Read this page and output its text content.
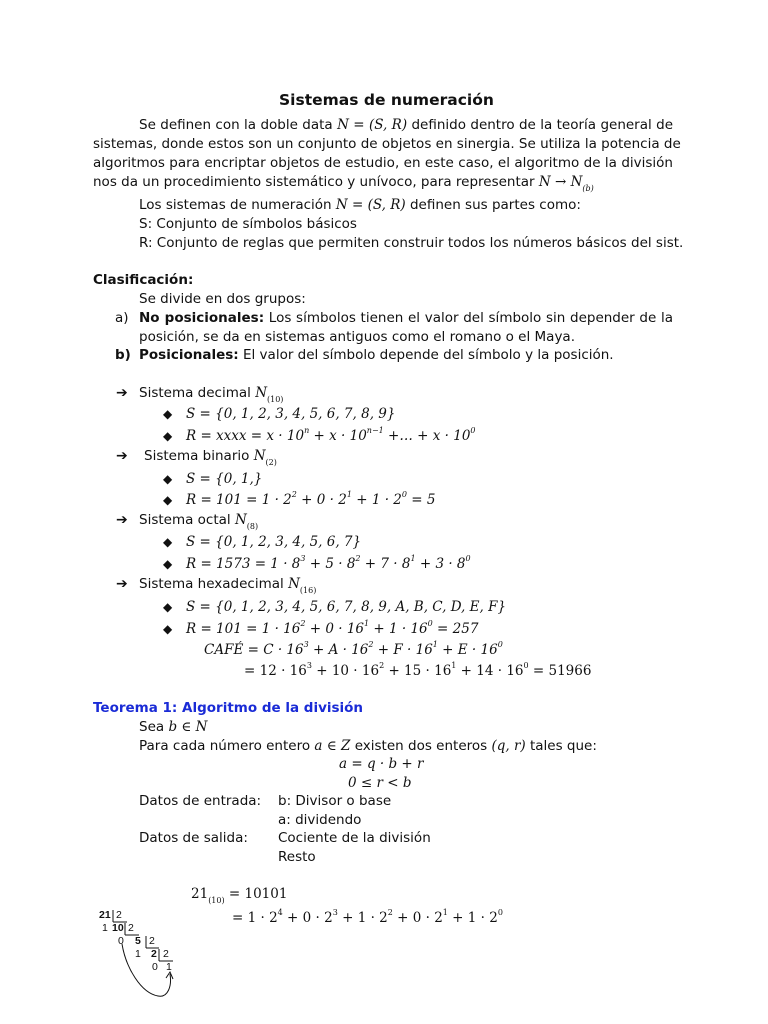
Sistemas de numeración
Se definen con la doble data N = (S, R) definido dentro de la teoría general de
sistemas, donde estos son un conjunto de objetos en sinergia. Se utiliza la potencia de
algoritmos para encriptar objetos de estudio, en este caso, el algoritmo de la división
nos da un procedimiento sistemático y unívoco, para representar $N \to N_{(b)}$
Los sistemas de numeración N = (S, R) definen sus partes como:
S: Conjunto de símbolos básicos
R: Conjunto de reglas que permiten construir todos los números básicos del sist.
Clasificación:
Se divide en dos grupos:
a) No posicionales: Los símbolos tienen el valor del símbolo sin depender de la
posición, se da en sistemas antiguos como el romano o el Maya.
b) Posicionales: El valor del símbolo depende del símbolo y la posición.
➔ Sistema decimal $N_{(10)}$
◆ S = {0, 1, 2, 3, 4, 5, 6, 7, 8, 9}
◆ R = xxxx = $x \cdot 10^n + x \cdot 10^{n-1}$ +… + $x \cdot 10^0$
➔ Sistema binario $N_{(2)}$
◆ S = {0, 1,}
◆ $R = 101 = 1 \cdot 2^2 + 0 \cdot 2^1 + 1 \cdot 2^0 = 5$
➔ Sistema octal $N_{(8)}$
◆ S = {0, 1, 2, 3, 4, 5, 6, 7}
◆ $R = 1573 = 1 \cdot 8^3 + 5 \cdot 8^2 + 7 \cdot 8^1 + 3 \cdot 8^0$
➔ Sistema hexadecimal $N_{(16)}$
◆ S = {0, 1, 2, 3, 4, 5, 6, 7, 8, 9, A, B, C, D, E, F}
◆ $R = 101 = 1 \cdot 16^2 + 0 \cdot 16^1 + 1 \cdot 16^0 = 257$
CAFÉ = $C \cdot 16^3 + A \cdot 16^2 + F \cdot 16^1 + E \cdot 16^0$
= $12 \cdot 16^3 + 10 \cdot 16^2 + 15 \cdot 16^1 + 14 \cdot 16^0 = 51966$
Teorema 1: Algoritmo de la división
Sea b ∈ N
Para cada número entero a ∈ Z existen dos enteros (q, r) tales que:
a = q · b + r
0 ≤ r < b
Datos de entrada: b: Divisor o base
a: dividendo
Datos de salida: Cociente de la división
Resto
$21_{(10)} = 10101$
= $1 \cdot 2^4 + 0 \cdot 2^3 + 1 \cdot 2^2 + 0 \cdot 2^1 + 1 \cdot 2^0$
21 2
1 10 2
0 5 2
1 2 2
0 1
